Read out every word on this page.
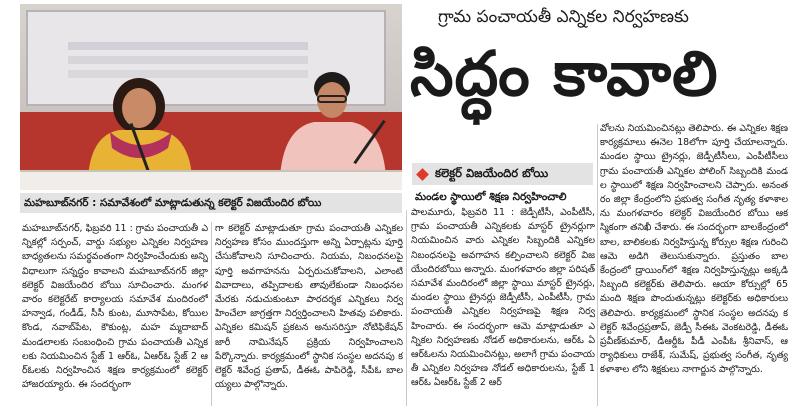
మహబూబ్‌నగర్ : సమావేశంలో మాట్లాడుతున్న కలెక్టర్ విజయేందిర బోయి
గ్రామ పంచాయతీ ఎన్నికల నిర్వహణకు
సిద్ధం కావాలి
కలెక్టర్ విజయేందిర బోయి
మండల స్థాయిలో శిక్షణ నిర్వహించాలి
మహబూబ్‌నగర్, ఫిబ్రవరి 11 : గ్రామ పంచాయతీ ఎన్నికల్లో సర్పంచ్, వార్డు సభ్యుల ఎన్నికల నిర్వహణ బాధ్యతలను సమర్థవంతంగా నిర్వహించేందుకు అన్ని విధాలుగా సన్నద్ధం కావాలని మహబూబ్‌నగర్ జిల్లా కలెక్టర్ విజయేందిర బోయి సూచించారు. మంగళవారం కలెక్టరేట్ కార్యాలయ సమావేశ మందిరంలో హన్వాడ, గండీడ్, సీసీ కుంట, మూసాపేట, కోయిలకొండ, నవాబ్‌పేట, కౌకుంట్ల, మహ మ్మదాబాద్ మండలాలకు సంబంధించి గ్రామ పంచాయతీ ఎన్నికలకు నియమించిన స్టేజ్ 1 ఆర్‌ఓ, ఏఆర్‌ఓ స్టేజ్ 2 ఆర్‌ఓలకు నిర్వహించిన శిక్షణ కార్యక్రమంలో కలెక్టర్ హాజరయ్యారు. ఈ సందర్భంగా
గా కలెక్టర్ మాట్లాడుతూ గ్రామ పంచాయతీ ఎన్నికల నిర్వహణ కోసం ముందస్తుగా అన్ని ఏర్పాట్లను పూర్తి చేసుకోవాలని సూచించారు. నియమ, నిబంధనలపై పూర్తి అవగాహనను ఏర్పరుచుకోవాలని, ఎలాంటి వివాదాలు, తప్పిదాలకు తావులేకుండా నిబంధనల మేరకు నడుచుకుంటూ పారదర్శక ఎన్నికలు నిర్వహించేలా జాగ్రత్తగా నిర్వర్తించాలని హితవు పలికారు. ఎన్నికల కమిషన్ ప్రకటన అనుసరిస్తూ నోటిఫికేషన్ జారీ నామినేషన్ ప్రక్రియ నిర్వహించాలని పేర్కొన్నారు. కార్యక్రమంలో స్థానిక సంస్థల అదనపు కలెక్టర్ శివేంద్ర ప్రతాప్, డీఈఓ పాపిరెడ్డి, సీపీఓ బాలయ్యలు పాల్గొన్నారు.
పాలమూరు, ఫిబ్రవరి 11 : జెడ్పీటీసీ, ఎంపీటీసీ, గ్రామ పంచాయతీ ఎన్నికలకు మాస్టర్ ట్రైనర్లుగా నియమించిన వారు ఎన్నికల సిబ్బందికి ఎన్నికల నిబంధనలపై అవగాహన కల్పించాలని కలెక్టర్ విజయేందిరబోయి అన్నారు. మంగళవారం జిల్లా పరిషత్ సమావేశ మందిరంలో జిల్లా స్థాయి మాస్టర్ ట్రైనర్లు, మండల స్థాయి ట్రైనర్లు జెడ్పీటీసీ, ఎంపీటీసీ, గ్రామ పంచాయతీ ఎన్నికల నిర్వహణపై శిక్షణ నిర్వహించారు. ఈ సందర్భంగా ఆమె మాట్లాడుతూ ఎన్నికల నిర్వహణకు నోడల్ అధికారులను, ఆర్‌ఓ ఏఆర్‌ఓలను నియమించినట్లు, అలాగే గ్రామ పంచాయతీ ఎన్నికల నిర్వహణ నోడల్ అధికారులను, స్టేజ్ 1 ఆర్‌ఓ ఏఆర్‌ఓ స్టేజ్ 2 ఆర్
వోలను నియమించినట్లు తెలిపారు. ఈ ఎన్నికల శిక్షణ కార్యక్రమాలు ఈనెల 18లోగా పూర్తి చేయాలన్నారు. మండల స్థాయి ట్రైనర్లు, జెడ్పీటీసీలు, ఎంపీటీసీలు గ్రామ పంచాయతీ ఎన్నికల పోలింగ్ సిబ్బందికి మండల స్థాయిలో శిక్షణ నిర్వహించాలని చెప్పారు. అనంతరం జిల్లా కేంద్రంలోని ప్రభుత్వ సంగీత నృత్య కళాశాలను మంగళవారం కలెక్టర్ విజయేందిర బోయి ఆకస్మికంగా తనిఖీ చేశారు. ఈ సందర్భంగా బాలకేంద్రంలో బాల, బాలికలకు నిర్వహిస్తున్న కోర్సుల శిక్షణ గురించి ఆమె అడిగి తెలుసుకున్నారు. ప్రస్తుతం బాల కేంద్రంలో డ్రాయింగ్‌లో శిక్షణ నిర్వహిస్తున్నట్లు అక్కడి సిబ్బంది కలెక్టర్‌కు తెలిపారు. ఆయా కోర్సుల్లో 65 మంది శిక్షణ పొందుతున్నట్లు కలెక్టర్‌కు అధికారులు తెలిపారు. కార్యక్రమంలో స్థానిక సంస్థల అదనపు కలెక్టర్ శివేంద్రప్రతాప్, జెడ్పీ సీఈఓ వెంకటరెడ్డి, డీఈఓ ప్రవీణ్‌కుమార్, డీఆర్డీఓ పీడీ ఎంపీఓ శ్రీనివాస్, ఆర్యాధికులు రాజేశ్, సుమేష్, ప్రభుత్వ సంగీత, నృత్య కళాశాల లోని శిక్షకులు నాగార్జున పాల్గొన్నారు.
